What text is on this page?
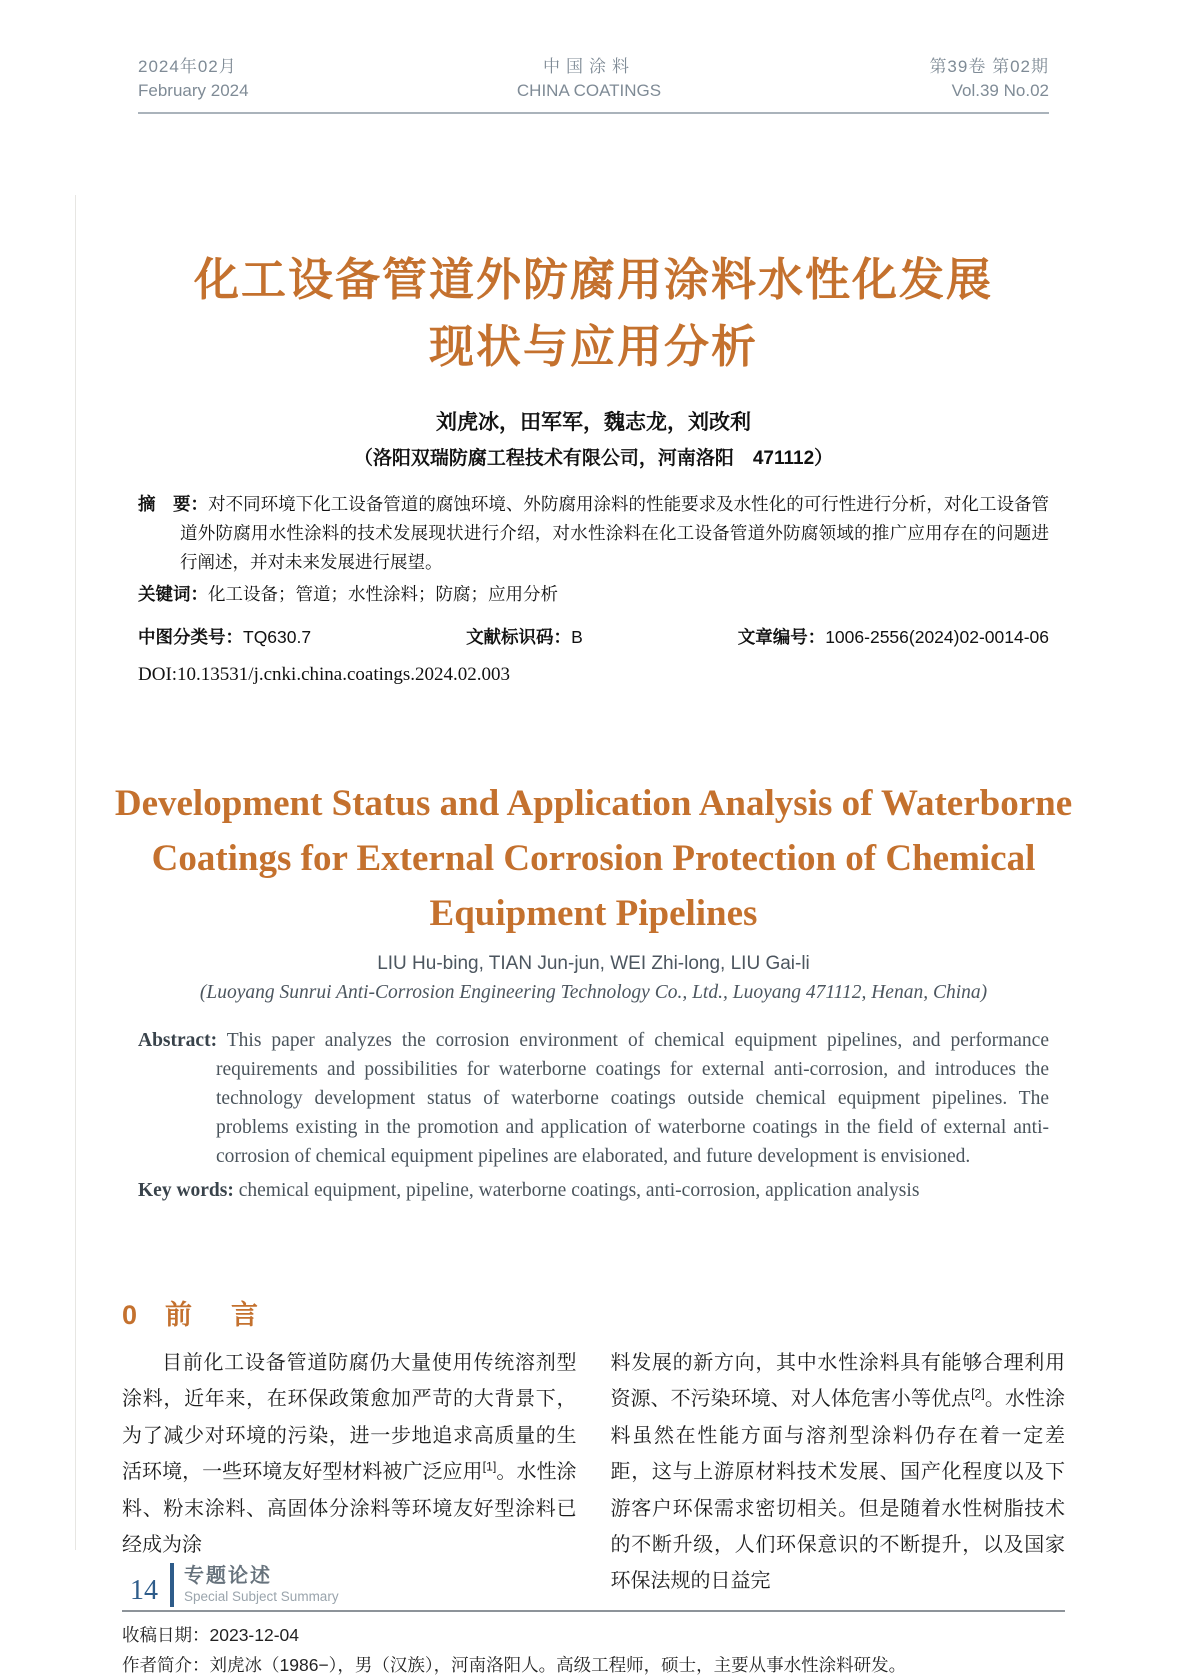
2024年02月
February 2024
中国涂料
CHINA COATINGS
第39卷 第02期
Vol.39 No.02
化工设备管道外防腐用涂料水性化发展
现状与应用分析
刘虎冰，田军军，魏志龙，刘改利
（洛阳双瑞防腐工程技术有限公司，河南洛阳　471112）
摘　要：对不同环境下化工设备管道的腐蚀环境、外防腐用涂料的性能要求及水性化的可行性进行分析，对化工设备管道外防腐用水性涂料的技术发展现状进行介绍，对水性涂料在化工设备管道外防腐领域的推广应用存在的问题进行阐述，并对未来发展进行展望。
关键词：化工设备；管道；水性涂料；防腐；应用分析
中图分类号：TQ630.7	文献标识码：B	文章编号：1006-2556(2024)02-0014-06
DOI:10.13531/j.cnki.china.coatings.2024.02.003
Development Status and Application Analysis of Waterborne
Coatings for External Corrosion Protection of Chemical
Equipment Pipelines
LIU Hu-bing, TIAN Jun-jun, WEI Zhi-long, LIU Gai-li
(Luoyang Sunrui Anti-Corrosion Engineering Technology Co., Ltd., Luoyang 471112, Henan, China)
Abstract: This paper analyzes the corrosion environment of chemical equipment pipelines, and performance requirements and possibilities for waterborne coatings for external anti-corrosion, and introduces the technology development status of waterborne coatings outside chemical equipment pipelines. The problems existing in the promotion and application of waterborne coatings in the field of external anti-corrosion of chemical equipment pipelines are elaborated, and future development is envisioned.
Key words: chemical equipment, pipeline, waterborne coatings, anti-corrosion, application analysis
0 前　言
目前化工设备管道防腐仍大量使用传统溶剂型涂料，近年来，在环保政策愈加严苛的大背景下，为了减少对环境的污染，进一步地追求高质量的生活环境，一些环境友好型材料被广泛应用[1]。水性涂料、粉末涂料、高固体分涂料等环境友好型涂料已经成为涂
料发展的新方向，其中水性涂料具有能够合理利用资源、不污染环境、对人体危害小等优点[2]。水性涂料虽然在性能方面与溶剂型涂料仍存在着一定差距，这与上游原材料技术发展、国产化程度以及下游客户环保需求密切相关。但是随着水性树脂技术的不断升级，人们环保意识的不断提升，以及国家环保法规的日益完
收稿日期：2023-12-04
作者简介：刘虎冰（1986−），男（汉族），河南洛阳人。高级工程师，硕士，主要从事水性涂料研发。
14 专题论述
Special Subject Summary
